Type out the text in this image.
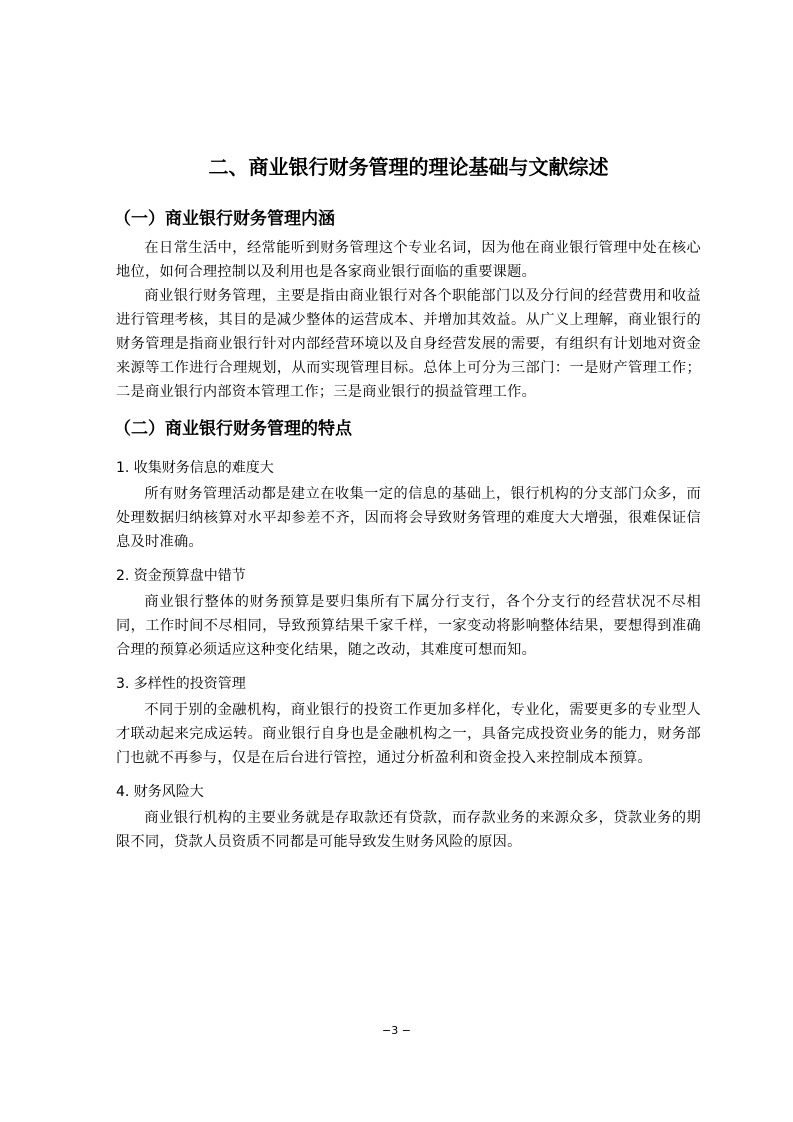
二、商业银行财务管理的理论基础与文献综述
（一）商业银行财务管理内涵

在日常生活中，经常能听到财务管理这个专业名词，因为他在商业银行管理中处在核心地位，如何合理控制以及利用也是各家商业银行面临的重要课题。

商业银行财务管理，主要是指由商业银行对各个职能部门以及分行间的经营费用和收益进行管理考核，其目的是减少整体的运营成本、并增加其效益。从广义上理解，商业银行的财务管理是指商业银行针对内部经营环境以及自身经营发展的需要，有组织有计划地对资金来源等工作进行合理规划，从而实现管理目标。总体上可分为三部门：一是财产管理工作；二是商业银行内部资本管理工作；三是商业银行的损益管理工作。

（二）商业银行财务管理的特点
1. 收集财务信息的难度大

所有财务管理活动都是建立在收集一定的信息的基础上，银行机构的分支部门众多，而处理数据归纳核算对水平却参差不齐，因而将会导致财务管理的难度大大增强，很难保证信息及时准确。

2. 资金预算盘中错节

商业银行整体的财务预算是要归集所有下属分行支行，各个分支行的经营状况不尽相同，工作时间不尽相同，导致预算结果千家千样，一家变动将影响整体结果，要想得到准确合理的预算必须适应这种变化结果，随之改动，其难度可想而知。

3. 多样性的投资管理

不同于别的金融机构，商业银行的投资工作更加多样化，专业化，需要更多的专业型人才联动起来完成运转。商业银行自身也是金融机构之一，具备完成投资业务的能力，财务部门也就不再参与，仅是在后台进行管控，通过分析盈利和资金投入来控制成本预算。

4. 财务风险大

商业银行机构的主要业务就是存取款还有贷款，而存款业务的来源众多，贷款业务的期限不同，贷款人员资质不同都是可能导致发生财务风险的原因。

−3 −
